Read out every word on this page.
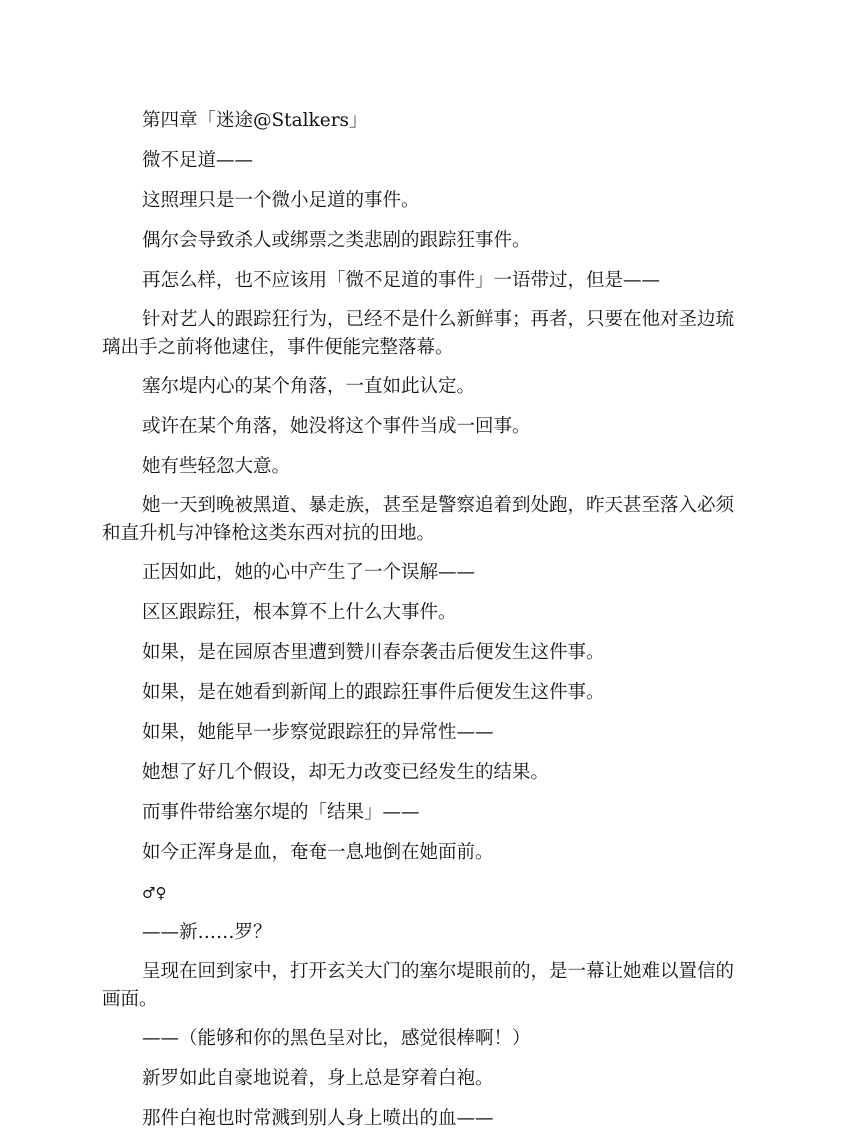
第四章「迷途@Stalkers」

微不足道——

这照理只是一个微小足道的事件。

偶尔会导致杀人或绑票之类悲剧的跟踪狂事件。

再怎么样，也不应该用「微不足道的事件」一语带过，但是——

针对艺人的跟踪狂行为，已经不是什么新鲜事；再者，只要在他对圣边琉璃出手之前将他逮住，事件便能完整落幕。

塞尔堤内心的某个角落，一直如此认定。

或许在某个角落，她没将这个事件当成一回事。

她有些轻忽大意。

她一天到晚被黑道、暴走族，甚至是警察追着到处跑，昨天甚至落入必须和直升机与冲锋枪这类东西对抗的田地。

正因如此，她的心中产生了一个误解——

区区跟踪狂，根本算不上什么大事件。

如果，是在园原杏里遭到赞川春奈袭击后便发生这件事。

如果，是在她看到新闻上的跟踪狂事件后便发生这件事。

如果，她能早一步察觉跟踪狂的异常性——

她想了好几个假设，却无力改变已经发生的结果。

而事件带给塞尔堤的「结果」——

如今正浑身是血，奄奄一息地倒在她面前。

♂♀

——新……罗？

呈现在回到家中，打开玄关大门的塞尔堤眼前的，是一幕让她难以置信的画面。

——（能够和你的黑色呈对比，感觉很棒啊！）

新罗如此自豪地说着，身上总是穿着白袍。

那件白袍也时常溅到别人身上喷出的血——
